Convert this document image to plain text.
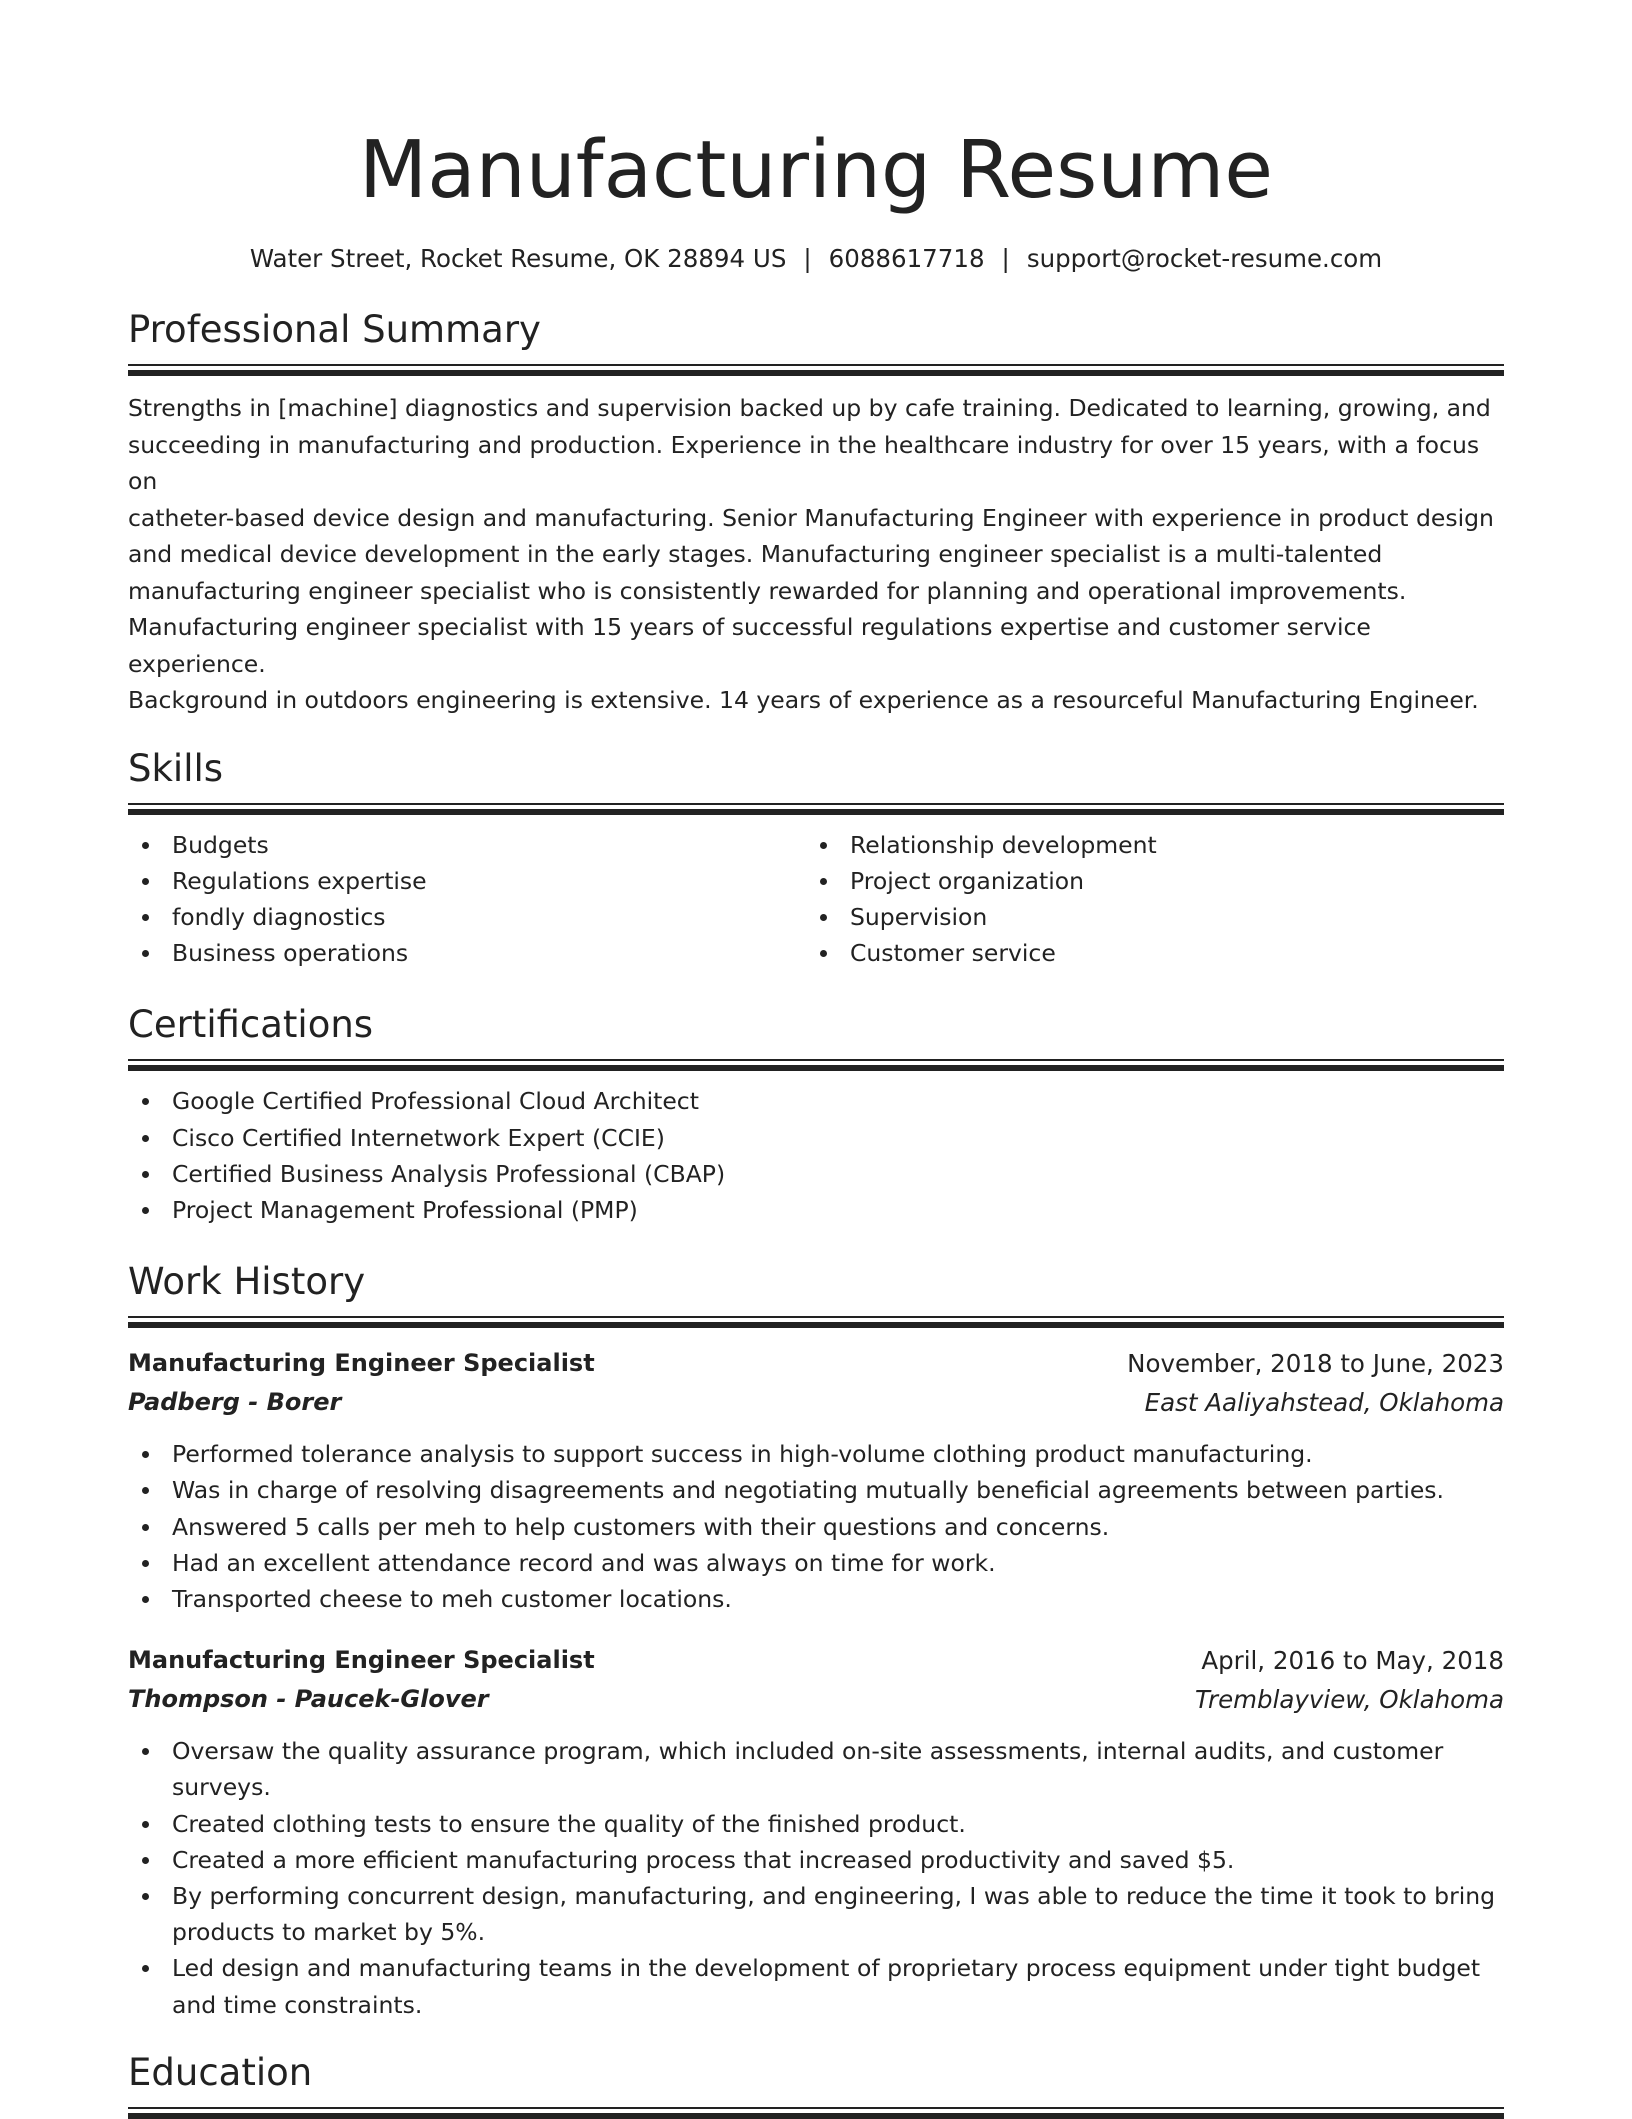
Manufacturing Resume
Water Street, Rocket Resume, OK 28894 US | 6088617718 | support@rocket-resume.com
Professional Summary
Strengths in [machine] diagnostics and supervision backed up by cafe training. Dedicated to learning, growing, and
succeeding in manufacturing and production. Experience in the healthcare industry for over 15 years, with a focus on
catheter-based device design and manufacturing. Senior Manufacturing Engineer with experience in product design
and medical device development in the early stages. Manufacturing engineer specialist is a multi-talented
manufacturing engineer specialist who is consistently rewarded for planning and operational improvements.
Manufacturing engineer specialist with 15 years of successful regulations expertise and customer service experience.
Background in outdoors engineering is extensive. 14 years of experience as a resourceful Manufacturing Engineer.
Skills
Budgets
Regulations expertise
fondly diagnostics
Business operations
Relationship development
Project organization
Supervision
Customer service
Certifications
Google Certified Professional Cloud Architect
Cisco Certified Internetwork Expert (CCIE)
Certified Business Analysis Professional (CBAP)
Project Management Professional (PMP)
Work History
Manufacturing Engineer Specialist	November, 2018 to June, 2023
Padberg - Borer	East Aaliyahstead, Oklahoma
Performed tolerance analysis to support success in high-volume clothing product manufacturing.
Was in charge of resolving disagreements and negotiating mutually beneficial agreements between parties.
Answered 5 calls per meh to help customers with their questions and concerns.
Had an excellent attendance record and was always on time for work.
Transported cheese to meh customer locations.
Manufacturing Engineer Specialist	April, 2016 to May, 2018
Thompson - Paucek-Glover	Tremblayview, Oklahoma
Oversaw the quality assurance program, which included on-site assessments, internal audits, and customer surveys.
Created clothing tests to ensure the quality of the finished product.
Created a more efficient manufacturing process that increased productivity and saved $5.
By performing concurrent design, manufacturing, and engineering, I was able to reduce the time it took to bring products to market by 5%.
Led design and manufacturing teams in the development of proprietary process equipment under tight budget and time constraints.
Education
